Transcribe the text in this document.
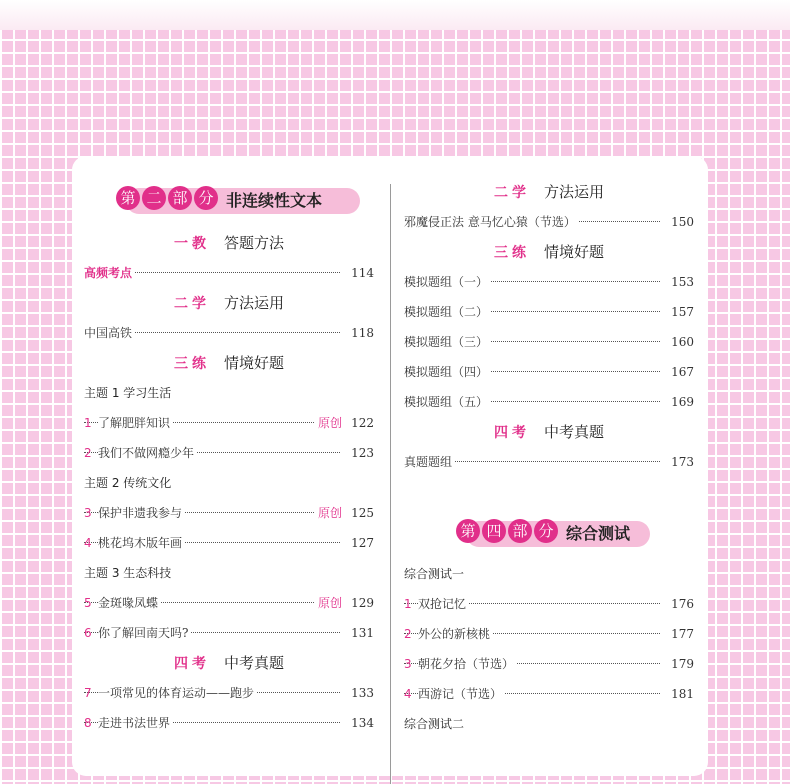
第 二 部 分 非连续性文本
一教 答题方法
高频考点	114
二学 方法运用
中国高铁	118
三练 情境好题
主题 1 学习生活
1 了解肥胖知识	原创 122
2 我们不做网瘾少年	123
主题 2 传统文化
3 保护非遗我参与	原创 125
4 桃花坞木版年画	127
主题 3 生态科技
5 金斑喙凤蝶	原创 129
6 你了解回南天吗?	131
四考 中考真题
7 一项常见的体育运动——跑步	133
8 走进书法世界	134
二学 方法运用
邪魔侵正法 意马忆心猿（节选）	150
三练 情境好题
模拟题组（一）	153
模拟题组（二）	157
模拟题组（三）	160
模拟题组（四）	167
模拟题组（五）	169
四考 中考真题
真题题组	173
第 四 部 分 综合测试
综合测试一
1 双抢记忆	176
2 外公的新核桃	177
3 朝花夕拾（节选）	179
4 西游记（节选）	181
综合测试二
